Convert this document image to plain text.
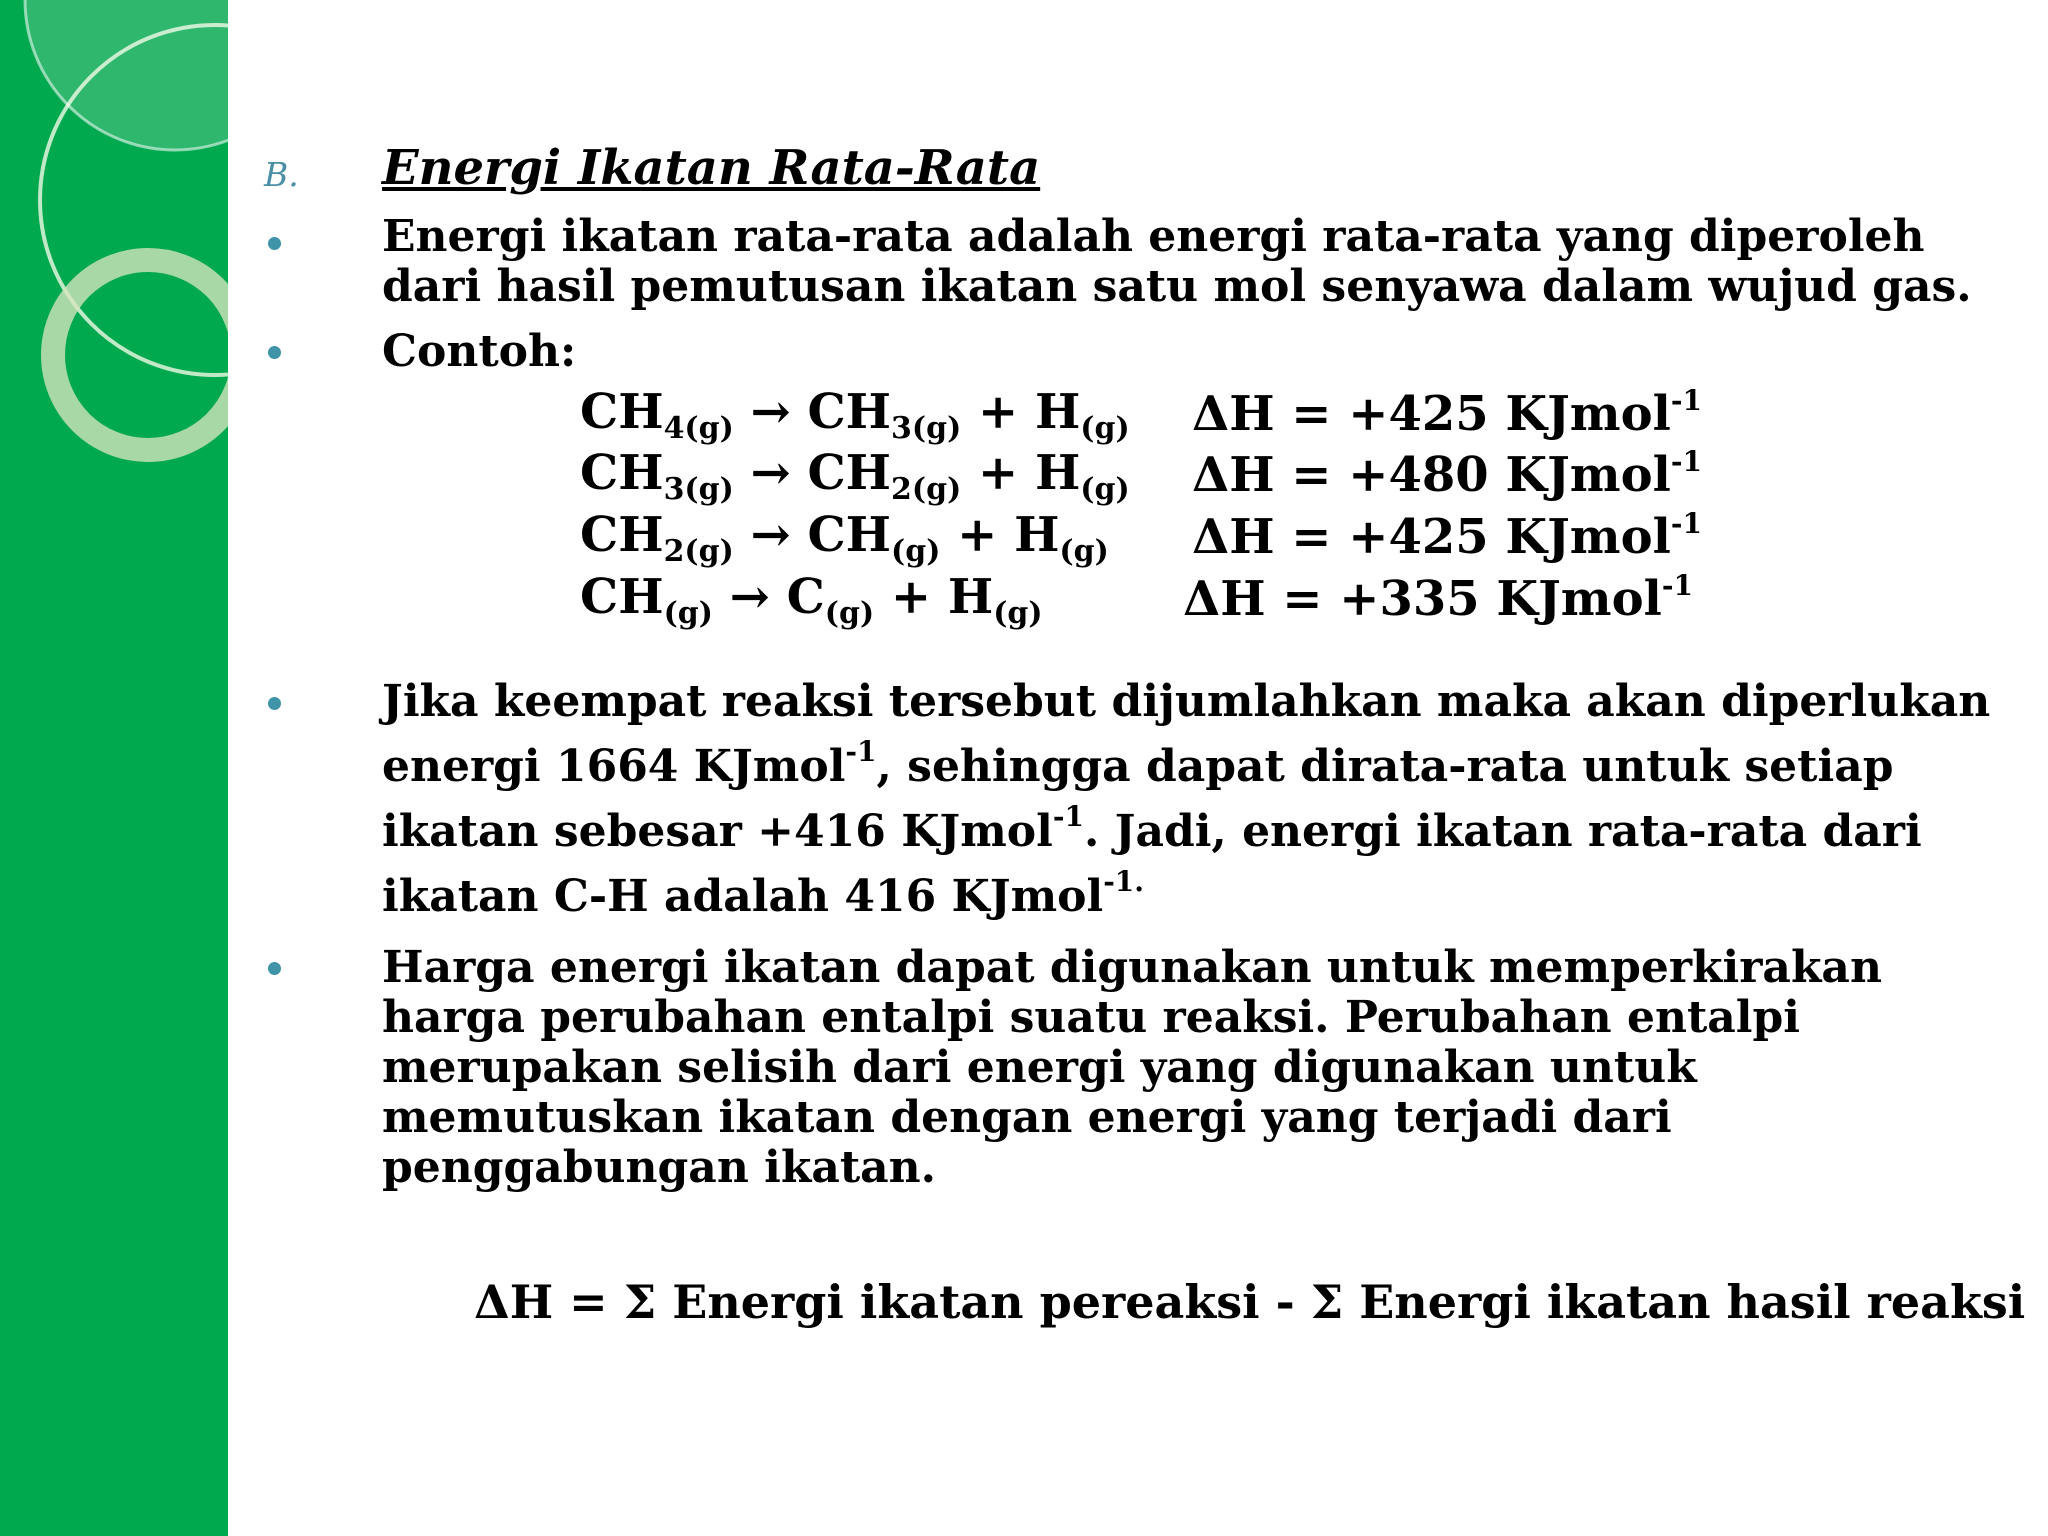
B. Energi Ikatan Rata-Rata
Energi ikatan rata-rata adalah energi rata-rata yang diperoleh
dari hasil pemutusan ikatan satu mol senyawa dalam wujud gas.
Contoh:
$CH_{4(g)} \to CH_{3(g)} + H_{(g)}$ ΔH = +425 KJmol$^{-1}$
$CH_{3(g)} \to CH_{2(g)} + H_{(g)}$ ΔH = +480 KJmol$^{-1}$
$CH_{2(g)} \to CH_{(g)} + H_{(g)}$ ΔH = +425 KJmol$^{-1}$
$CH_{(g)} \to C_{(g)} + H_{(g)}$	ΔH = +335 KJmol$^{-1}$
Jika keempat reaksi tersebut dijumlahkan maka akan diperlukan
energi 1664 KJmol$^{-1}$, sehingga dapat dirata-rata untuk setiap
ikatan sebesar +416 KJmol$^{-1}$. Jadi, energi ikatan rata-rata dari
ikatan C-H adalah 416 KJmol$^{-1.}$
Harga energi ikatan dapat digunakan untuk memperkirakan
harga perubahan entalpi suatu reaksi. Perubahan entalpi
merupakan selisih dari energi yang digunakan untuk
memutuskan ikatan dengan energi yang terjadi dari
penggabungan ikatan.
ΔH = Σ Energi ikatan pereaksi - Σ Energi ikatan hasil reaksi
